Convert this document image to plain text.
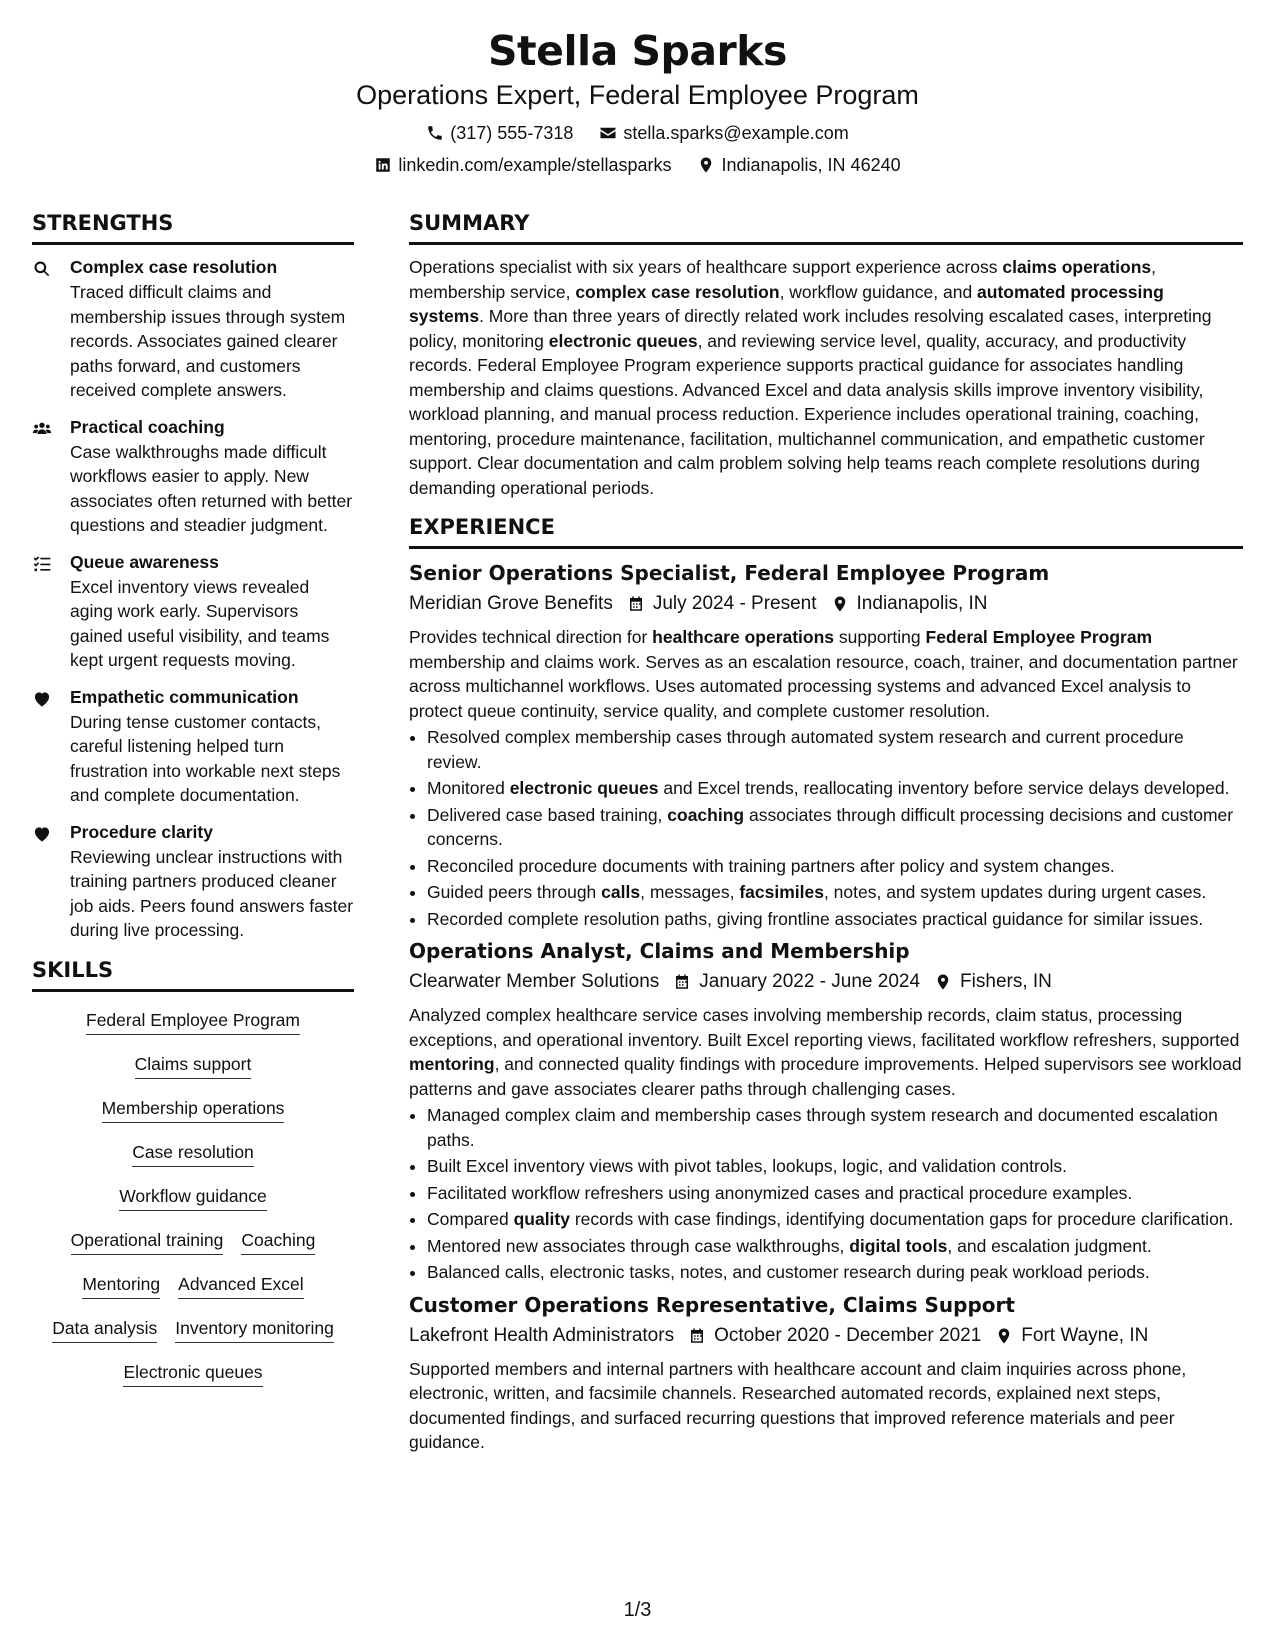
Stella Sparks
Operations Expert, Federal Employee Program
(317) 555-7318	stella.sparks@example.com
linkedin.com/example/stellasparks	Indianapolis, IN 46240
STRENGTHS
Complex case resolution
Traced difficult claims and membership issues through system records. Associates gained clearer paths forward, and customers received complete answers.
Practical coaching
Case walkthroughs made difficult workflows easier to apply. New associates often returned with better questions and steadier judgment.
Queue awareness
Excel inventory views revealed aging work early. Supervisors gained useful visibility, and teams kept urgent requests moving.
Empathetic communication
During tense customer contacts, careful listening helped turn frustration into workable next steps and complete documentation.
Procedure clarity
Reviewing unclear instructions with training partners produced cleaner job aids. Peers found answers faster during live processing.
SKILLS
Federal Employee Program
Claims support
Membership operations
Case resolution
Workflow guidance
Operational training Coaching
Mentoring Advanced Excel
Data analysis Inventory monitoring
Electronic queues
SUMMARY
Operations specialist with six years of healthcare support experience across claims operations, membership service, complex case resolution, workflow guidance, and automated processing systems. More than three years of directly related work includes resolving escalated cases, interpreting policy, monitoring electronic queues, and reviewing service level, quality, accuracy, and productivity records. Federal Employee Program experience supports practical guidance for associates handling membership and claims questions. Advanced Excel and data analysis skills improve inventory visibility, workload planning, and manual process reduction. Experience includes operational training, coaching, mentoring, procedure maintenance, facilitation, multichannel communication, and empathetic customer support. Clear documentation and calm problem solving help teams reach complete resolutions during demanding operational periods.
EXPERIENCE
Senior Operations Specialist, Federal Employee Program
Meridian Grove Benefits July 2024 - Present Indianapolis, IN
Provides technical direction for healthcare operations supporting Federal Employee Program membership and claims work. Serves as an escalation resource, coach, trainer, and documentation partner across multichannel workflows. Uses automated processing systems and advanced Excel analysis to protect queue continuity, service quality, and complete customer resolution.
• Resolved complex membership cases through automated system research and current procedure review.
• Monitored electronic queues and Excel trends, reallocating inventory before service delays developed.
• Delivered case based training, coaching associates through difficult processing decisions and customer concerns.
• Reconciled procedure documents with training partners after policy and system changes.
• Guided peers through calls, messages, facsimiles, notes, and system updates during urgent cases.
• Recorded complete resolution paths, giving frontline associates practical guidance for similar issues.
Operations Analyst, Claims and Membership
Clearwater Member Solutions January 2022 - June 2024 Fishers, IN
Analyzed complex healthcare service cases involving membership records, claim status, processing exceptions, and operational inventory. Built Excel reporting views, facilitated workflow refreshers, supported mentoring, and connected quality findings with procedure improvements. Helped supervisors see workload patterns and gave associates clearer paths through challenging cases.
• Managed complex claim and membership cases through system research and documented escalation paths.
• Built Excel inventory views with pivot tables, lookups, logic, and validation controls.
• Facilitated workflow refreshers using anonymized cases and practical procedure examples.
• Compared quality records with case findings, identifying documentation gaps for procedure clarification.
• Mentored new associates through case walkthroughs, digital tools, and escalation judgment.
• Balanced calls, electronic tasks, notes, and customer research during peak workload periods.
Customer Operations Representative, Claims Support
Lakefront Health Administrators October 2020 - December 2021 Fort Wayne, IN
Supported members and internal partners with healthcare account and claim inquiries across phone, electronic, written, and facsimile channels. Researched automated records, explained next steps, documented findings, and surfaced recurring questions that improved reference materials and peer guidance.
1/3
